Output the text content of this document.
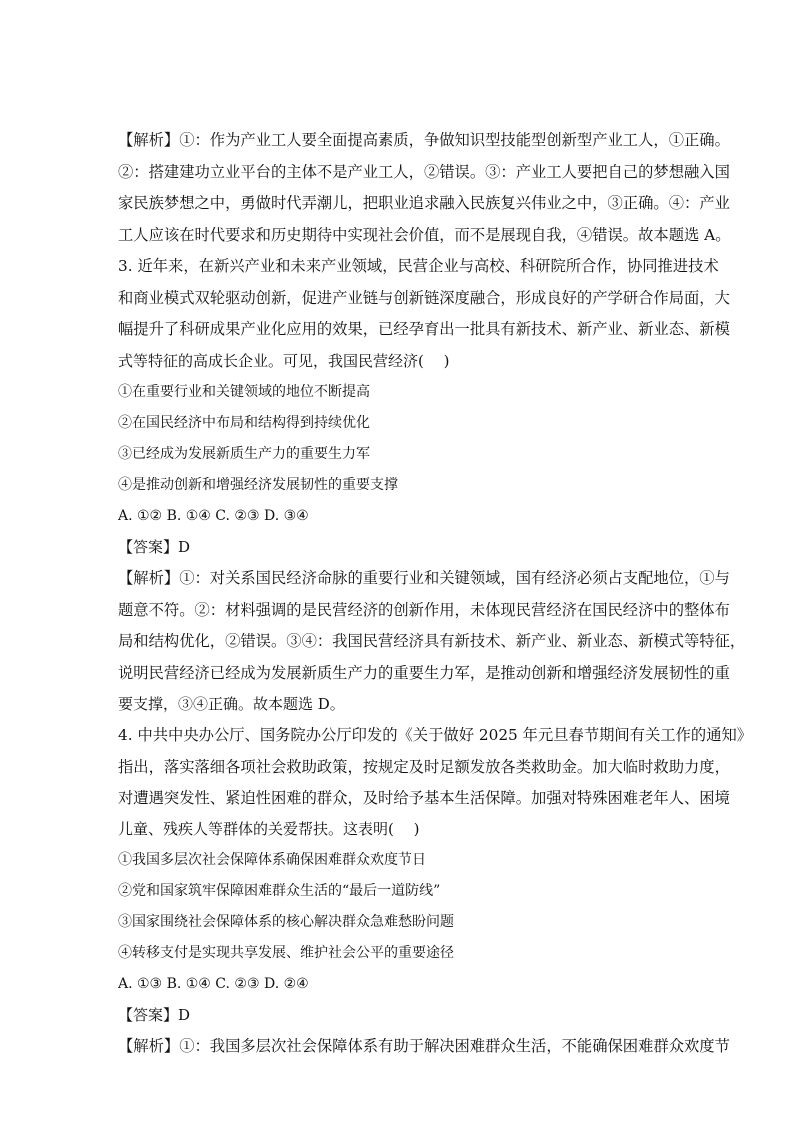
【解析】①：作为产业工人要全面提高素质，争做知识型技能型创新型产业工人，①正确。
②：搭建建功立业平台的主体不是产业工人，②错误。③：产业工人要把自己的梦想融入国
家民族梦想之中，勇做时代弄潮儿，把职业追求融入民族复兴伟业之中，③正确。④：产业
工人应该在时代要求和历史期待中实现社会价值，而不是展现自我，④错误。故本题选 A。
3. 近年来，在新兴产业和未来产业领域，民营企业与高校、科研院所合作，协同推进技术
和商业模式双轮驱动创新，促进产业链与创新链深度融合，形成良好的产学研合作局面，大
幅提升了科研成果产业化应用的效果，已经孕育出一批具有新技术、新产业、新业态、新模
式等特征的高成长企业。可见，我国民营经济(　 )
①在重要行业和关键领域的地位不断提高
②在国民经济中布局和结构得到持续优化
③已经成为发展新质生产力的重要生力军
④是推动创新和增强经济发展韧性的重要支撑
A. ①② B. ①④ C. ②③ D. ③④
【答案】D
【解析】①：对关系国民经济命脉的重要行业和关键领域，国有经济必须占支配地位，①与
题意不符。②：材料强调的是民营经济的创新作用，未体现民营经济在国民经济中的整体布
局和结构优化，②错误。③④：我国民营经济具有新技术、新产业、新业态、新模式等特征，
说明民营经济已经成为发展新质生产力的重要生力军，是推动创新和增强经济发展韧性的重
要支撑，③④正确。故本题选 D。
4. 中共中央办公厅、国务院办公厅印发的《关于做好 2025 年元旦春节期间有关工作的通知》
指出，落实落细各项社会救助政策，按规定及时足额发放各类救助金。加大临时救助力度，
对遭遇突发性、紧迫性困难的群众，及时给予基本生活保障。加强对特殊困难老年人、困境
儿童、残疾人等群体的关爱帮扶。这表明(　 )
①我国多层次社会保障体系确保困难群众欢度节日
②党和国家筑牢保障困难群众生活的“最后一道防线”
③国家围绕社会保障体系的核心解决群众急难愁盼问题
④转移支付是实现共享发展、维护社会公平的重要途径
A. ①③ B. ①④ C. ②③ D. ②④
【答案】D
【解析】①：我国多层次社会保障体系有助于解决困难群众生活，不能确保困难群众欢度节
